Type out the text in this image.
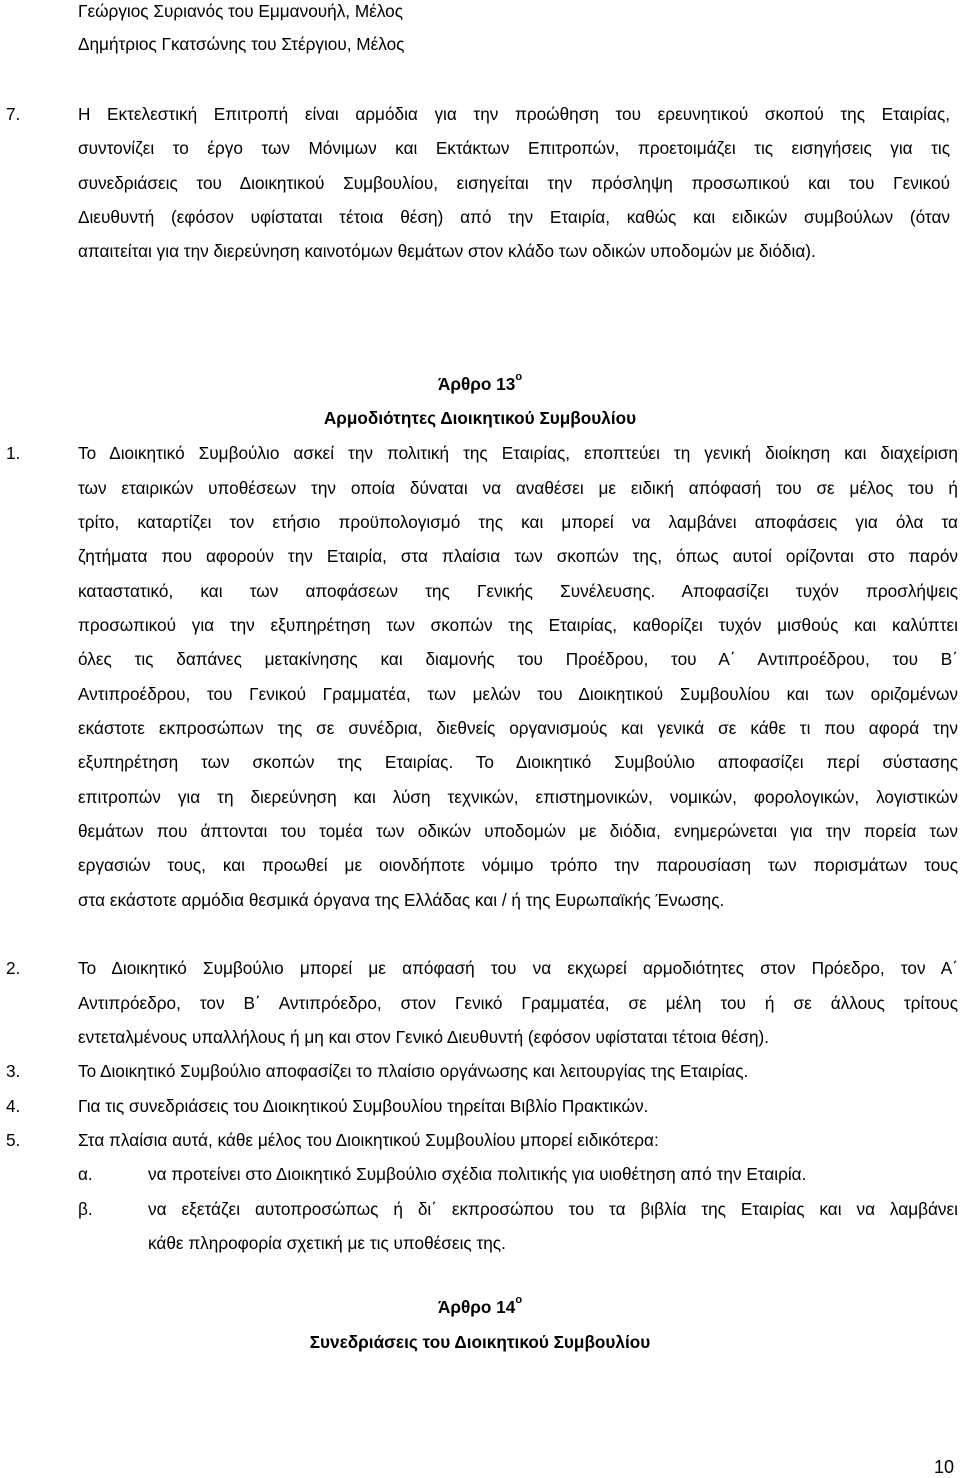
Γεώργιος Συριανός του Εμμανουήλ, Μέλος
Δημήτριος Γκατσώνης του Στέργιου, Μέλος
7.	Η Εκτελεστική Επιτροπή είναι αρμόδια για την προώθηση του ερευνητικού σκοπού της Εταιρίας,
συντονίζει το έργο των Μόνιμων και Εκτάκτων Επιτροπών, προετοιμάζει τις εισηγήσεις για τις
συνεδριάσεις του Διοικητικού Συμβουλίου, εισηγείται την πρόσληψη προσωπικού και του Γενικού
Διευθυντή (εφόσον υφίσταται τέτοια θέση) από την Εταιρία, καθώς και ειδικών συμβούλων (όταν
απαιτείται για την διερεύνηση καινοτόμων θεμάτων στον κλάδο των οδικών υποδομών με διόδια).
Άρθρο $13^o$
Αρμοδιότητες Διοικητικού Συμβουλίου
1.	Το Διοικητικό Συμβούλιο ασκεί την πολιτική της Εταιρίας, εποπτεύει τη γενική διοίκηση και διαχείριση
των εταιρικών υποθέσεων την οποία δύναται να αναθέσει με ειδική απόφασή του σε μέλος του ή
τρίτο, καταρτίζει τον ετήσιο προϋπολογισμό της και μπορεί να λαμβάνει αποφάσεις για όλα τα
ζητήματα που αφορούν την Εταιρία, στα πλαίσια των σκοπών της, όπως αυτοί ορίζονται στο παρόν
καταστατικό, και των αποφάσεων της Γενικής Συνέλευσης. Αποφασίζει τυχόν προσλήψεις
προσωπικού για την εξυπηρέτηση των σκοπών της Εταιρίας, καθορίζει τυχόν μισθούς και καλύπτει
όλες τις δαπάνες μετακίνησης και διαμονής του Προέδρου, του Α΄ Αντιπροέδρου, του Β΄
Αντιπροέδρου, του Γενικού Γραμματέα, των μελών του Διοικητικού Συμβουλίου και των οριζομένων
εκάστοτε εκπροσώπων της σε συνέδρια, διεθνείς οργανισμούς και γενικά σε κάθε τι που αφορά την
εξυπηρέτηση των σκοπών της Εταιρίας. Το Διοικητικό Συμβούλιο αποφασίζει περί σύστασης
επιτροπών για τη διερεύνηση και λύση τεχνικών, επιστημονικών, νομικών, φορολογικών, λογιστικών
θεμάτων που άπτονται του τομέα των οδικών υποδομών με διόδια, ενημερώνεται για την πορεία των
εργασιών τους, και προωθεί με οιονδήποτε νόμιμο τρόπο την παρουσίαση των πορισμάτων τους
στα εκάστοτε αρμόδια θεσμικά όργανα της Ελλάδας και / ή της Ευρωπαϊκής Ένωσης.
2.	Το Διοικητικό Συμβούλιο μπορεί με απόφασή του να εκχωρεί αρμοδιότητες στον Πρόεδρο, τον Α΄
Αντιπρόεδρο, τον Β΄ Αντιπρόεδρο, στον Γενικό Γραμματέα, σε μέλη του ή σε άλλους τρίτους
εντεταλμένους υπαλλήλους ή μη και στον Γενικό Διευθυντή (εφόσον υφίσταται τέτοια θέση).
3.	Το Διοικητικό Συμβούλιο αποφασίζει το πλαίσιο οργάνωσης και λειτουργίας της Εταιρίας.
4.	Για τις συνεδριάσεις του Διοικητικού Συμβουλίου τηρείται Βιβλίο Πρακτικών.
5.	Στα πλαίσια αυτά, κάθε μέλος του Διοικητικού Συμβουλίου μπορεί ειδικότερα:
α.	να προτείνει στο Διοικητικό Συμβούλιο σχέδια πολιτικής για υιοθέτηση από την Εταιρία.
β.	να εξετάζει αυτοπροσώπως ή δι΄ εκπροσώπου του τα βιβλία της Εταιρίας και να λαμβάνει
κάθε πληροφορία σχετική με τις υποθέσεις της.
Άρθρο $14^o$
Συνεδριάσεις του Διοικητικού Συμβουλίου
10
